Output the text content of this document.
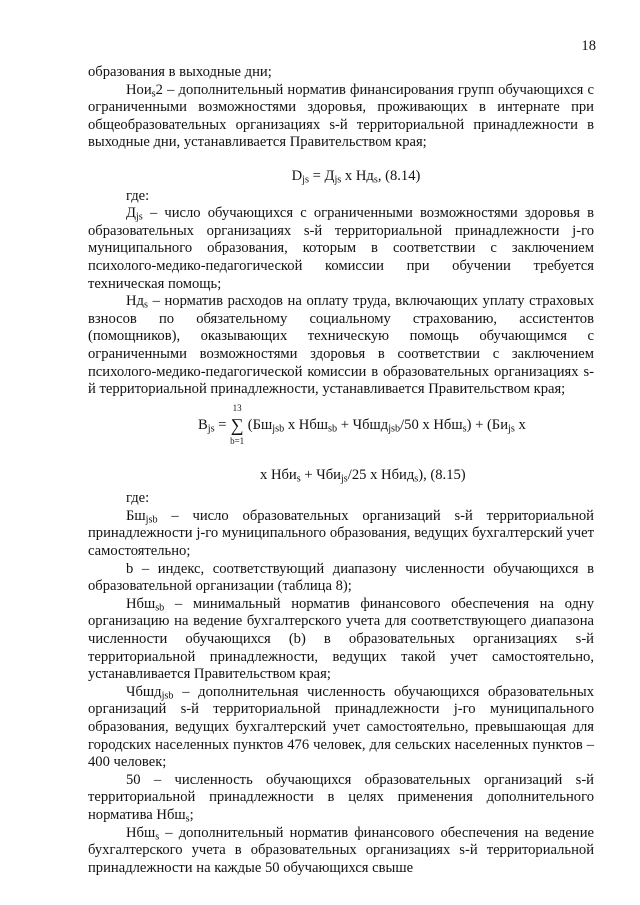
18

образования в выходные дни;

Нои$_s$2 – дополнительный норматив финансирования групп обучающихся с ограниченными возможностями здоровья, проживающих в интернате при общеобразовательных организациях s-й территориальной принадлежности в выходные дни, устанавливается Правительством края;

$D_{js} = Д_{js}$ х $Нд_s$, (8.14)

где:

$Д_{js}$ – число обучающихся с ограниченными возможностями здоровья в образовательных организациях s-й территориальной принадлежности j-го муниципального образования, которым в соответствии с заключением психолого-медико-педагогической комиссии при обучении требуется техническая помощь;

$Нд_s$ – норматив расходов на оплату труда, включающих уплату страховых взносов по обязательному социальному страхованию, ассистентов (помощников), оказывающих техническую помощь обучающимся с ограниченными возможностями здоровья в соответствии с заключением психолого-медико-педагогической комиссии в образовательных организациях s-й территориальной принадлежности, устанавливается Правительством края;

$B_{js}$ =
13
∑
b=1
($Бш_{jsb}$ х Нбш$_{sb}$ + Чбшд$_{jsb}$/50 х $Нбш_s) + (Би_{js}$ х
х Нби$_s$ + Чби$_{js}$/25 х Нбид$_s$), (8.15)

где:

$Бш_{jsb}$ – число образовательных организаций s-й территориальной принадлежности j-го муниципального образования, ведущих бухгалтерский учет самостоятельно;

b – индекс, соответствующий диапазону численности обучающихся в образовательной организации (таблица 8);

Нбш$_{sb}$ – минимальный норматив финансового обеспечения на одну организацию на ведение бухгалтерского учета для соответствующего диапазона численности обучающихся (b) в образовательных организациях s-й территориальной принадлежности, ведущих такой учет самостоятельно, устанавливается Правительством края;

Чбшд$_{jsb}$ – дополнительная численность обучающихся образовательных организаций s-й территориальной принадлежности j-го муниципального образования, ведущих бухгалтерский учет самостоятельно, превышающая для городских населенных пунктов 476 человек, для сельских населенных пунктов – 400 человек;

50 – численность обучающихся образовательных организаций s-й территориальной принадлежности в целях применения дополнительного норматива Нбш$_s$;

Нбш$_s$ – дополнительный норматив финансового обеспечения на ведение бухгалтерского учета в образовательных организациях s-й территориальной принадлежности на каждые 50 обучающихся свыше
